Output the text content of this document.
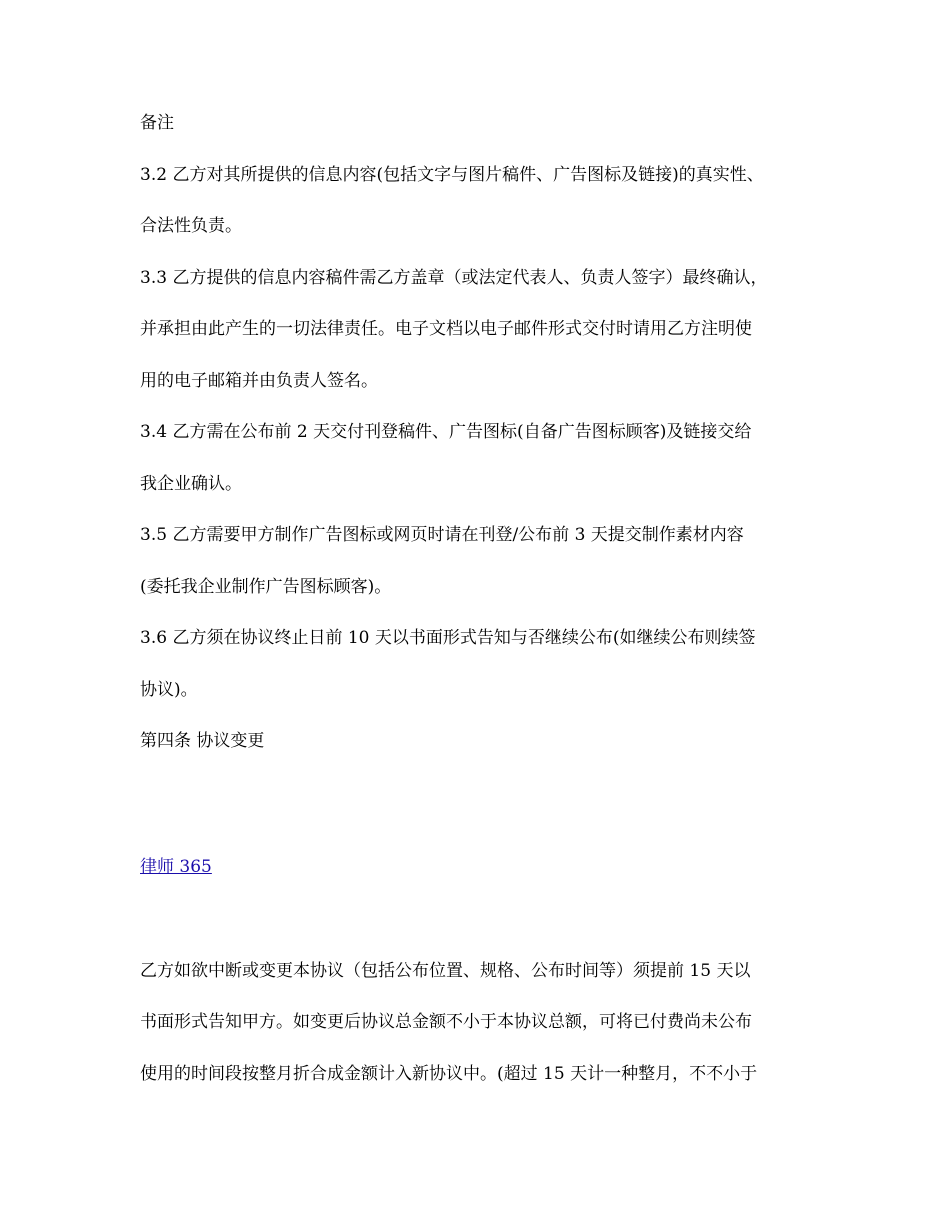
备注
3.2 乙方对其所提供的信息内容(包括文字与图片稿件、广告图标及链接)的真实性、
合法性负责。
3.3 乙方提供的信息内容稿件需乙方盖章（或法定代表人、负责人签字）最终确认，
并承担由此产生的一切法律责任。电子文档以电子邮件形式交付时请用乙方注明使
用的电子邮箱并由负责人签名。
3.4 乙方需在公布前 2 天交付刊登稿件、广告图标(自备广告图标顾客)及链接交给
我企业确认。
3.5 乙方需要甲方制作广告图标或网页时请在刊登/公布前 3 天提交制作素材内容
(委托我企业制作广告图标顾客)。
3.6 乙方须在协议终止日前 10 天以书面形式告知与否继续公布(如继续公布则续签
协议)。
第四条 协议变更
律师 365
乙方如欲中断或变更本协议（包括公布位置、规格、公布时间等）须提前 15 天以
书面形式告知甲方。如变更后协议总金额不小于本协议总额，可将已付费尚未公布
使用的时间段按整月折合成金额计入新协议中。(超过 15 天计一种整月，不不小于
